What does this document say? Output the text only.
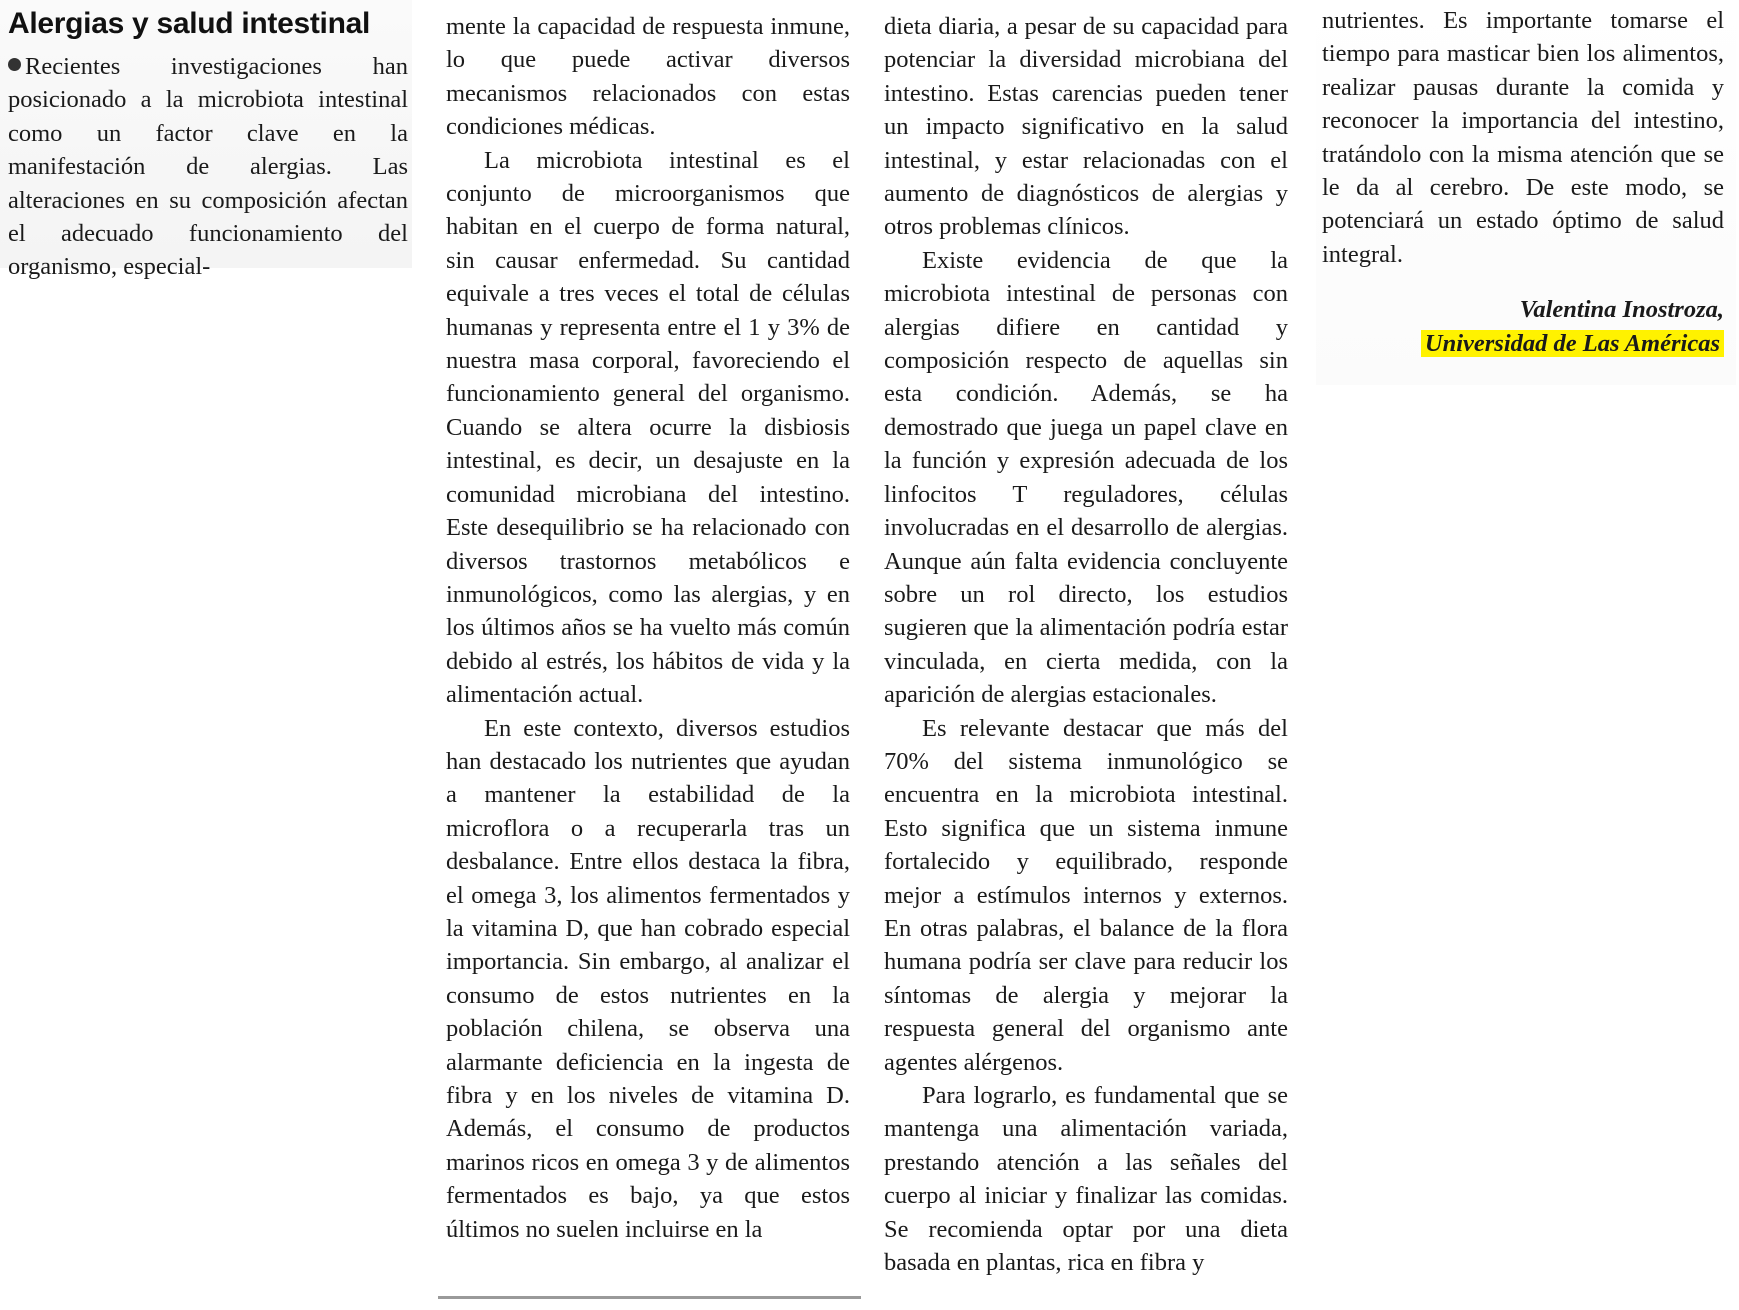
Alergias y salud intestinal

Recientes investigaciones han posicionado a la microbiota intestinal como un factor clave en la manifestación de alergias. Las alteraciones en su composición afectan el adecuado funcionamiento del organismo, especial-

mente la capacidad de respuesta inmune, lo que puede activar diversos mecanismos relacionados con estas condiciones médicas.

La microbiota intestinal es el conjunto de microorganismos que habitan en el cuerpo de forma natural, sin causar enfermedad. Su cantidad equivale a tres veces el total de células humanas y representa entre el 1 y 3% de nuestra masa corporal, favoreciendo el funcionamiento general del organismo. Cuando se altera ocurre la disbiosis intestinal, es decir, un desajuste en la comunidad microbiana del intestino. Este desequilibrio se ha relacionado con diversos trastornos metabólicos e inmunológicos, como las alergias, y en los últimos años se ha vuelto más común debido al estrés, los hábitos de vida y la alimentación actual.

En este contexto, diversos estudios han destacado los nutrientes que ayudan a mantener la estabilidad de la microflora o a recuperarla tras un desbalance. Entre ellos destaca la fibra, el omega 3, los alimentos fermentados y la vitamina D, que han cobrado especial importancia. Sin embargo, al analizar el consumo de estos nutrientes en la población chilena, se observa una alarmante deficiencia en la ingesta de fibra y en los niveles de vitamina D. Además, el consumo de productos marinos ricos en omega 3 y de alimentos fermentados es bajo, ya que estos últimos no suelen incluirse en la

dieta diaria, a pesar de su capacidad para potenciar la diversidad microbiana del intestino. Estas carencias pueden tener un impacto significativo en la salud intestinal, y estar relacionadas con el aumento de diagnósticos de alergias y otros problemas clínicos.

Existe evidencia de que la microbiota intestinal de personas con alergias difiere en cantidad y composición respecto de aquellas sin esta condición. Además, se ha demostrado que juega un papel clave en la función y expresión adecuada de los linfocitos T reguladores, células involucradas en el desarrollo de alergias. Aunque aún falta evidencia concluyente sobre un rol directo, los estudios sugieren que la alimentación podría estar vinculada, en cierta medida, con la aparición de alergias estacionales.

Es relevante destacar que más del 70% del sistema inmunológico se encuentra en la microbiota intestinal. Esto significa que un sistema inmune fortalecido y equilibrado, responde mejor a estímulos internos y externos. En otras palabras, el balance de la flora humana podría ser clave para reducir los síntomas de alergia y mejorar la respuesta general del organismo ante agentes alérgenos.

Para lograrlo, es fundamental que se mantenga una alimentación variada, prestando atención a las señales del cuerpo al iniciar y finalizar las comidas. Se recomienda optar por una dieta basada en plantas, rica en fibra y

nutrientes. Es importante tomarse el tiempo para masticar bien los alimentos, realizar pausas durante la comida y reconocer la importancia del intestino, tratándolo con la misma atención que se le da al cerebro. De este modo, se potenciará un estado óptimo de salud integral.

Valentina Inostroza,
Universidad de Las Américas
